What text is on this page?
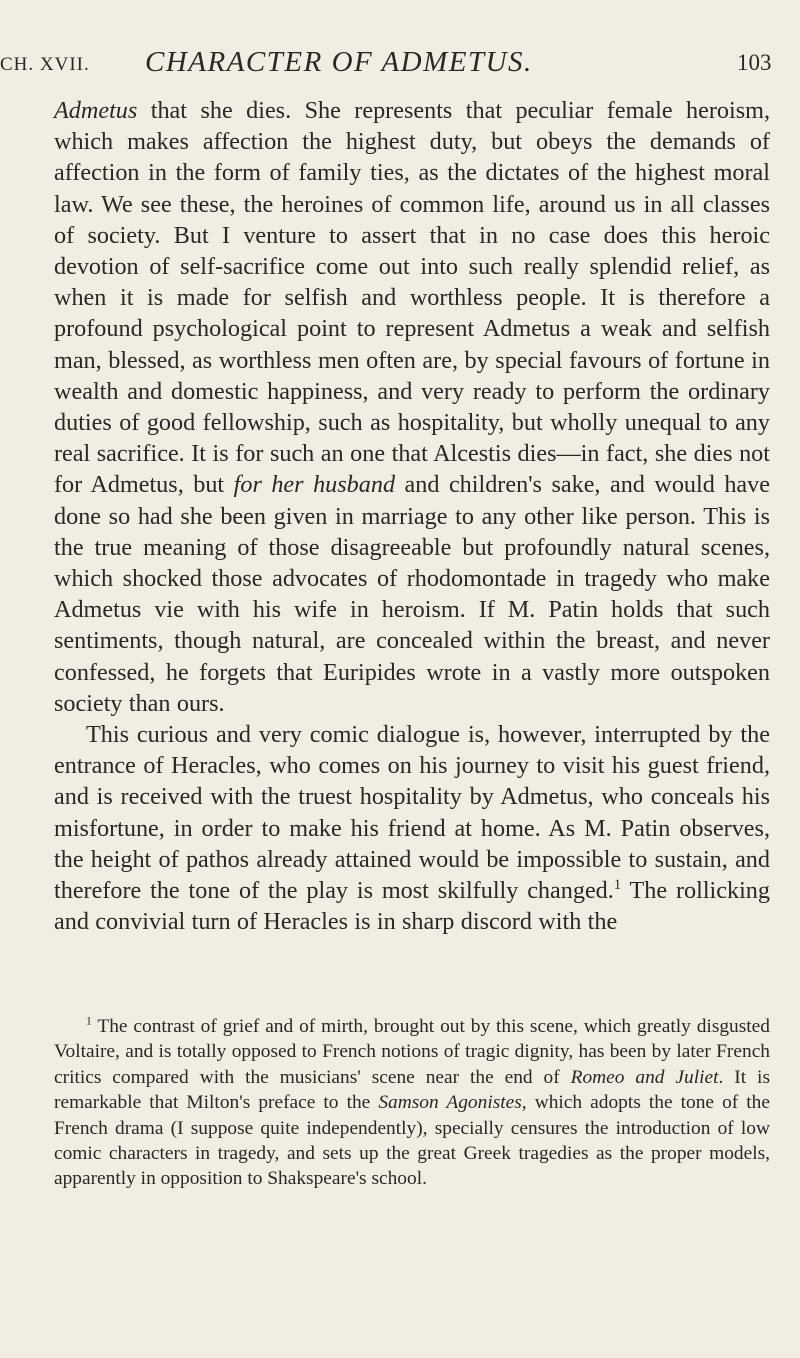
CH. XVII. CHARACTER OF ADMETUS.	103

Admetus that she dies. She represents that peculiar female heroism, which makes affection the highest duty, but obeys the demands of affection in the form of family ties, as the dictates of the highest moral law. We see these, the heroines of common life, around us in all classes of society. But I venture to assert that in no case does this heroic devotion of self-sacrifice come out into such really splendid relief, as when it is made for selfish and worthless people. It is therefore a profound psychological point to represent Admetus a weak and selfish man, blessed, as worthless men often are, by special favours of fortune in wealth and domestic happiness, and very ready to perform the ordinary duties of good fellowship, such as hospitality, but wholly unequal to any real sacrifice. It is for such an one that Alcestis dies—in fact, she dies not for Admetus, but for her husband and children's sake, and would have done so had she been given in marriage to any other like person. This is the true meaning of those disagreeable but profoundly natural scenes, which shocked those advocates of rhodomontade in tragedy who make Admetus vie with his wife in heroism. If M. Patin holds that such sentiments, though natural, are concealed within the breast, and never confessed, he forgets that Euripides wrote in a vastly more outspoken society than ours.

This curious and very comic dialogue is, however, interrupted by the entrance of Heracles, who comes on his journey to visit his guest friend, and is received with the truest hospitality by Admetus, who conceals his misfortune, in order to make his friend at home. As M. Patin observes, the height of pathos already attained would be impossible to sustain, and therefore the tone of the play is most skilfully changed.$^1$ The rollicking and convivial turn of Heracles is in sharp discord with the

$^1$ The contrast of grief and of mirth, brought out by this scene, which greatly disgusted Voltaire, and is totally opposed to French notions of tragic dignity, has been by later French critics compared with the musicians' scene near the end of Romeo and Juliet. It is remarkable that Milton's preface to the Samson Agonistes, which adopts the tone of the French drama (I suppose quite independently), specially censures the introduction of low comic characters in tragedy, and sets up the great Greek tragedies as the proper models, apparently in opposition to Shakspeare's school.
